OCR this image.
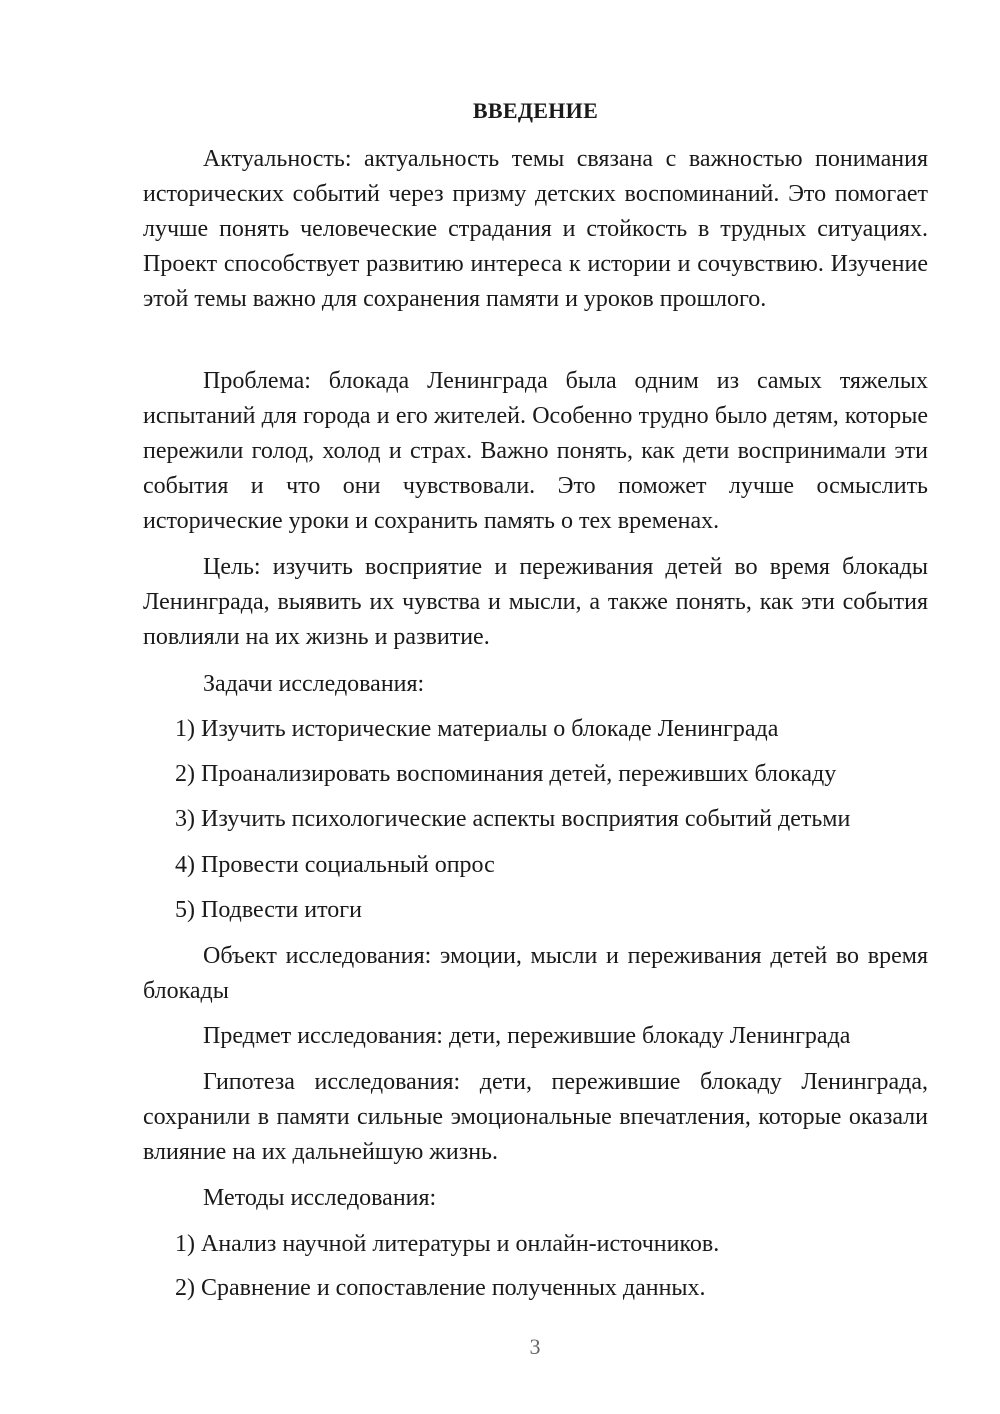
ВВЕДЕНИЕ

Актуальность: актуальность темы связана с важностью понимания исторических событий через призму детских воспоминаний. Это помогает лучше понять человеческие страдания и стойкость в трудных ситуациях. Проект способствует развитию интереса к истории и сочувствию. Изучение этой темы важно для сохранения памяти и уроков прошлого.

Проблема: блокада Ленинграда была одним из самых тяжелых испытаний для города и его жителей. Особенно трудно было детям, которые пережили голод, холод и страх. Важно понять, как дети воспринимали эти события и что они чувствовали. Это поможет лучше осмыслить исторические уроки и сохранить память о тех временах.

Цель: изучить восприятие и переживания детей во время блокады Ленинграда, выявить их чувства и мысли, а также понять, как эти события повлияли на их жизнь и развитие.

Задачи исследования:

1) Изучить исторические материалы о блокаде Ленинграда

2) Проанализировать воспоминания детей, переживших блокаду

3) Изучить психологические аспекты восприятия событий детьми

4) Провести социальный опрос

5) Подвести итоги

Объект исследования: эмоции, мысли и переживания детей во время блокады

Предмет исследования: дети, пережившие блокаду Ленинграда

Гипотеза исследования: дети, пережившие блокаду Ленинграда, сохранили в памяти сильные эмоциональные впечатления, которые оказали влияние на их дальнейшую жизнь.

Методы исследования:

1) Анализ научной литературы и онлайн-источников.

2) Сравнение и сопоставление полученных данных.

3
